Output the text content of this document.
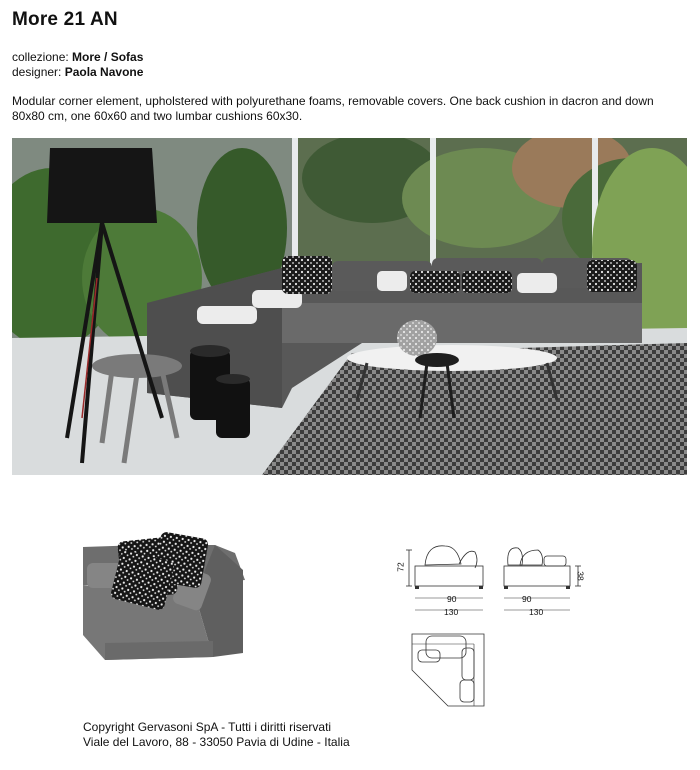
More 21 AN
collezione: More / Sofas
designer: Paola Navone
Modular corner element, upholstered with polyurethane foams, removable covers. One back cushion in dacron and down 80x80 cm, one 60x60 and two lumbar cushions 60x30.
72
90
130
38
90
130
Copyright Gervasoni SpA - Tutti i diritti riservati
Viale del Lavoro, 88 - 33050 Pavia di Udine - Italia
